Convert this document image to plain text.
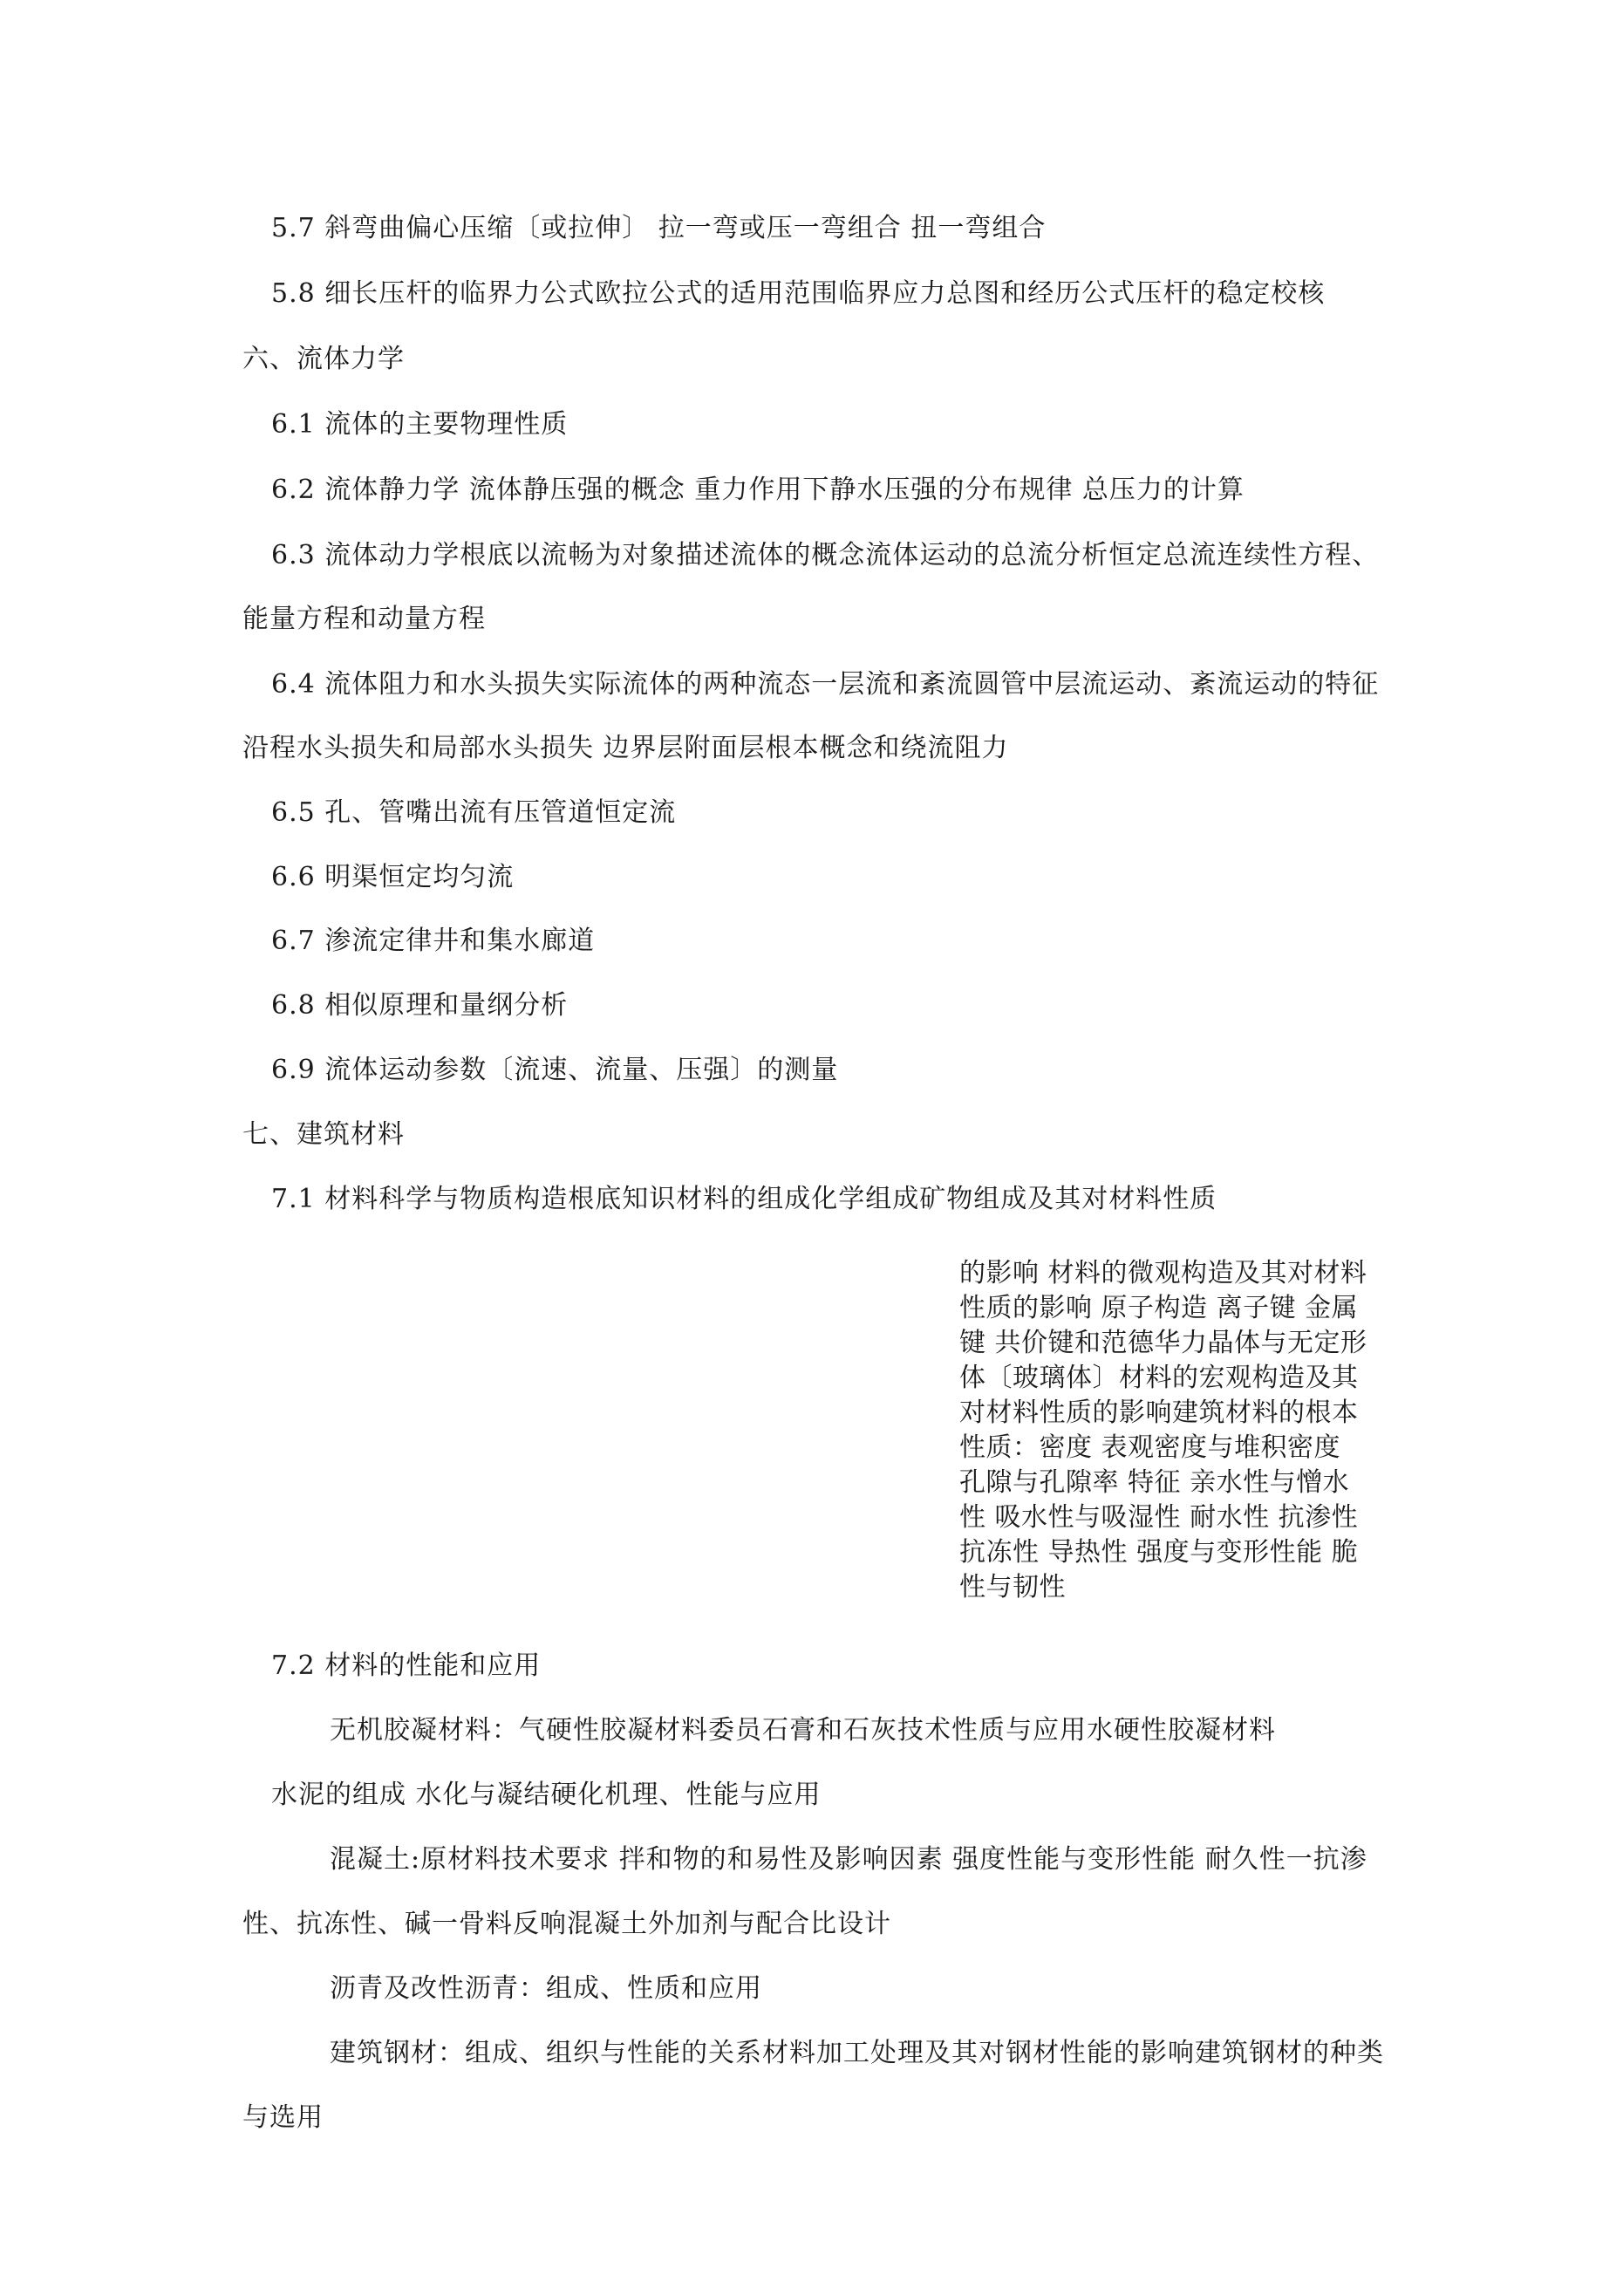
5.7 斜弯曲偏心压缩〔或拉伸〕 拉一弯或压一弯组合 扭一弯组合
5.8 细长压杆的临界力公式欧拉公式的适用范围临界应力总图和经历公式压杆的稳定校核
六、流体力学
6.1 流体的主要物理性质
6.2 流体静力学 流体静压强的概念 重力作用下静水压强的分布规律 总压力的计算
6.3 流体动力学根底以流畅为对象描述流体的概念流体运动的总流分析恒定总流连续性方程、
能量方程和动量方程
6.4 流体阻力和水头损失实际流体的两种流态一层流和紊流圆管中层流运动、紊流运动的特征
沿程水头损失和局部水头损失 边界层附面层根本概念和绕流阻力
6.5 孔、管嘴出流有压管道恒定流
6.6 明渠恒定均匀流
6.7 渗流定律井和集水廊道
6.8 相似原理和量纲分析
6.9 流体运动参数〔流速、流量、压强〕的测量
七、建筑材料
7.1 材料科学与物质构造根底知识材料的组成化学组成矿物组成及其对材料性质
的影响 材料的微观构造及其对材料
性质的影响 原子构造 离子键 金属
键 共价键和范德华力晶体与无定形
体〔玻璃体〕材料的宏观构造及其
对材料性质的影响建筑材料的根本
性质：密度 表观密度与堆积密度
孔隙与孔隙率 特征 亲水性与憎水
性 吸水性与吸湿性 耐水性 抗渗性
抗冻性 导热性 强度与变形性能 脆
性与韧性
7.2 材料的性能和应用
无机胶凝材料：气硬性胶凝材料委员石膏和石灰技术性质与应用水硬性胶凝材料
水泥的组成 水化与凝结硬化机理、性能与应用
混凝土:原材料技术要求 拌和物的和易性及影响因素 强度性能与变形性能 耐久性一抗渗
性、抗冻性、碱一骨料反响混凝土外加剂与配合比设计
沥青及改性沥青：组成、性质和应用
建筑钢材：组成、组织与性能的关系材料加工处理及其对钢材性能的影响建筑钢材的种类
与选用
